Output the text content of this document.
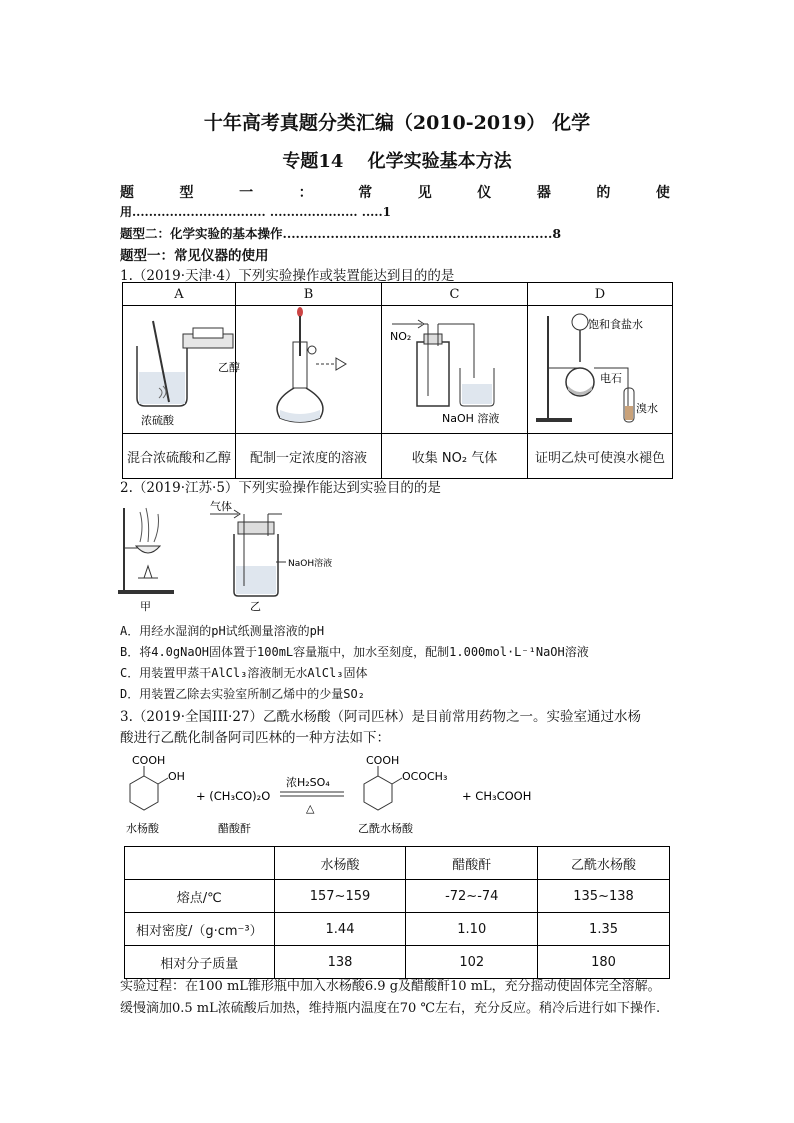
十年高考真题分类汇编（2010-2019） 化学
专题14　 化学实验基本方法
题	型	一	：	常	见	仪	器	的	使
用................................ ..................... .....1
题型二：化学实验的基本操作..............................................................8
题型一：常见仪器的使用
1.（2019·天津·4）下列实验操作或装置能达到目的的是
A	B	C	D

乙醇
浓硫酸		NO₂
NaOH 溶液	饱和食盐水
电石
溴水

混合浓硫酸和乙醇	配制一定浓度的溶液	收集 NO₂ 气体	证明乙炔可使溴水褪色
2.（2019·江苏·5）下列实验操作能达到实验目的的是
甲
气体
NaOH溶液
乙
A．用经水湿润的pH试纸测量溶液的pH
B．将4.0gNaOH固体置于100mL容量瓶中，加水至刻度，配制1.000mol·L⁻¹NaOH溶液
C．用装置甲蒸干AlCl₃溶液制无水AlCl₃固体
D．用装置乙除去实验室所制乙烯中的少量SO₂
3.（2019·全国III·27）乙酰水杨酸（阿司匹林）是目前常用药物之一。实验室通过水杨
酸进行乙酰化制备阿司匹林的一种方法如下：
COOH
OH
水杨酸
+ (CH₃CO)₂O
醋酸酐
浓H₂SO₄
△
COOH
OCOCH₃
乙酰水杨酸
+ CH₃COOH
	水杨酸	醋酸酐	乙酰水杨酸
熔点/℃	157~159	-72~-74	135~138
相对密度/（g·cm⁻³）	1.44	1.10	1.35
相对分子质量	138	102	180
实验过程：在100 mL锥形瓶中加入水杨酸6.9 g及醋酸酐10 mL，充分摇动使固体完全溶解。
缓慢滴加0.5 mL浓硫酸后加热，维持瓶内温度在70 ℃左右，充分反应。稍冷后进行如下操作.
